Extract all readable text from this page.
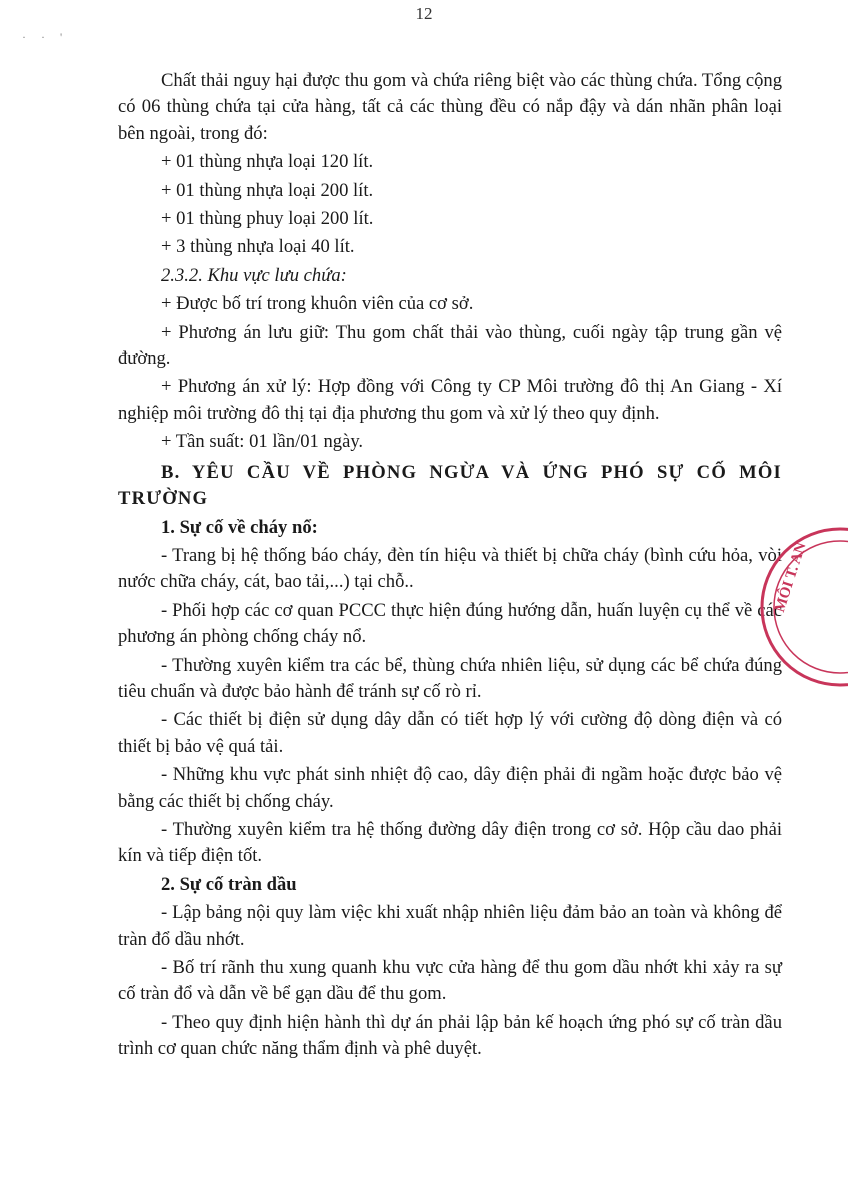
12
· · '

Chất thải nguy hại được thu gom và chứa riêng biệt vào các thùng chứa. Tổng cộng có 06 thùng chứa tại cửa hàng, tất cả các thùng đều có nắp đậy và dán nhãn phân loại bên ngoài, trong đó:

+ 01 thùng nhựa loại 120 lít.

+ 01 thùng nhựa loại 200 lít.

+ 01 thùng phuy loại 200 lít.

+ 3 thùng nhựa loại 40 lít.

2.3.2. Khu vực lưu chứa:

+ Được bố trí trong khuôn viên của cơ sở.

+ Phương án lưu giữ: Thu gom chất thải vào thùng, cuối ngày tập trung gần vệ đường.

+ Phương án xử lý: Hợp đồng với Công ty CP Môi trường đô thị An Giang - Xí nghiệp môi trường đô thị tại địa phương thu gom và xử lý theo quy định.

+ Tần suất: 01 lần/01 ngày.

B. YÊU CẦU VỀ PHÒNG NGỪA VÀ ỨNG PHÓ SỰ CỐ MÔI TRƯỜNG

1. Sự cố về cháy nổ:

- Trang bị hệ thống báo cháy, đèn tín hiệu và thiết bị chữa cháy (bình cứu hỏa, vòi nước chữa cháy, cát, bao tải,...) tại chỗ..

- Phối hợp các cơ quan PCCC thực hiện đúng hướng dẫn, huấn luyện cụ thể về các phương án phòng chống cháy nổ.

- Thường xuyên kiểm tra các bể, thùng chứa nhiên liệu, sử dụng các bể chứa đúng tiêu chuẩn và được bảo hành để tránh sự cố rò rỉ.

- Các thiết bị điện sử dụng dây dẫn có tiết hợp lý với cường độ dòng điện và có thiết bị bảo vệ quá tải.

- Những khu vực phát sinh nhiệt độ cao, dây điện phải đi ngầm hoặc được bảo vệ bằng các thiết bị chống cháy.

- Thường xuyên kiểm tra hệ thống đường dây điện trong cơ sở. Hộp cầu dao phải kín và tiếp điện tốt.

2. Sự cố tràn dầu

- Lập bảng nội quy làm việc khi xuất nhập nhiên liệu đảm bảo an toàn và không để tràn đổ dầu nhớt.

- Bố trí rãnh thu xung quanh khu vực cửa hàng để thu gom dầu nhớt khi xảy ra sự cố tràn đổ và dẫn về bể gạn dầu để thu gom.

- Theo quy định hiện hành thì dự án phải lập bản kế hoạch ứng phó sự cố tràn dầu trình cơ quan chức năng thẩm định và phê duyệt.

MÔI T. AN
